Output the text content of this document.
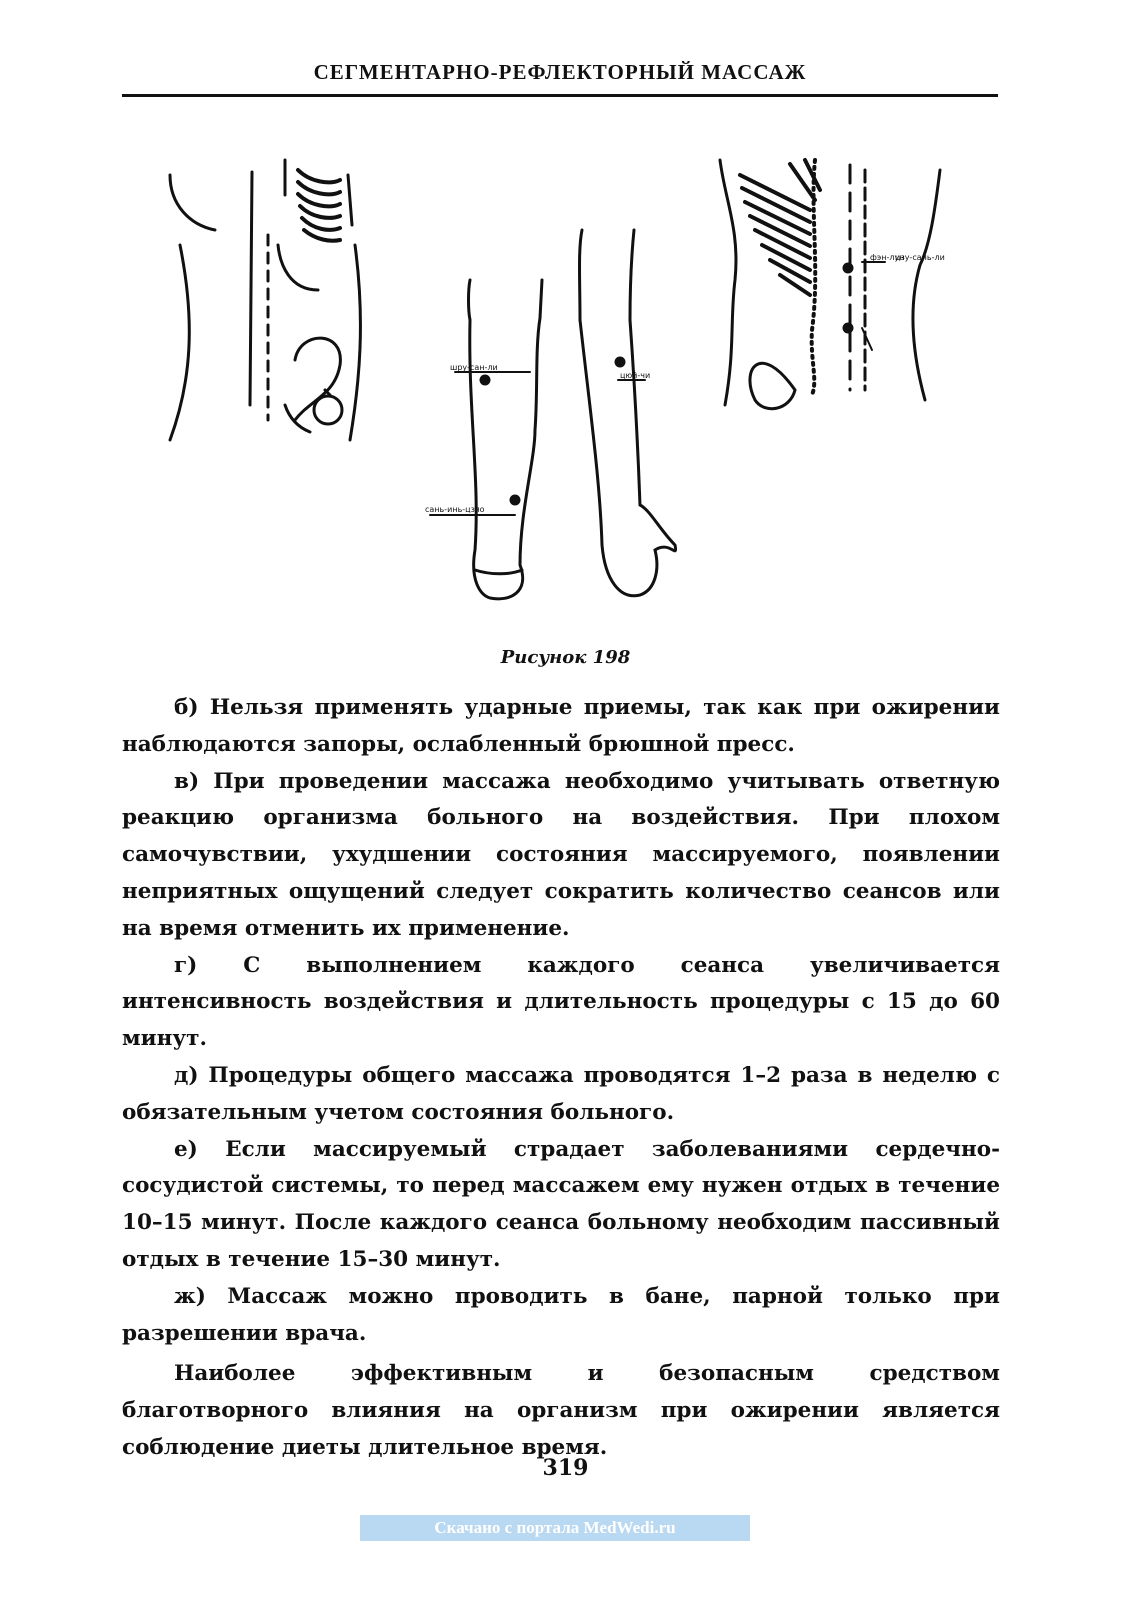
СЕГМЕНТАРНО-РЕФЛЕКТОРНЫЙ МАССАЖ
фэн-лун
цзу-сань-ли
шру-сан-ли
сань-инь-цзяо
цюй-чи
Рисунок 198

б) Нельзя применять ударные приемы, так как при ожирении наблюдаются запоры, ослабленный брюшной пресс.

в) При проведении массажа необходимо учитывать ответную реакцию организма больного на воздействия. При плохом самочувствии, ухудшении состояния массируемого, появлении неприятных ощущений следует сократить количество сеансов или на время отменить их применение.

г) С выполнением каждого сеанса увеличивается интенсивность воздействия и длительность процедуры с 15 до 60 минут.

д) Процедуры общего массажа проводятся 1–2 раза в неделю с обязательным учетом состояния больного.

е) Если массируемый страдает заболеваниями сердечно-сосудистой системы, то перед массажем ему нужен отдых в течение 10–15 минут. После каждого сеанса больному необходим пассивный отдых в течение 15–30 минут.

ж) Массаж можно проводить в бане, парной только при разрешении врача.

Наиболее эффективным и безопасным средством благотворного влияния на организм при ожирении является соблюдение диеты длительное время.

319
Скачано с портала MedWedi.ru
